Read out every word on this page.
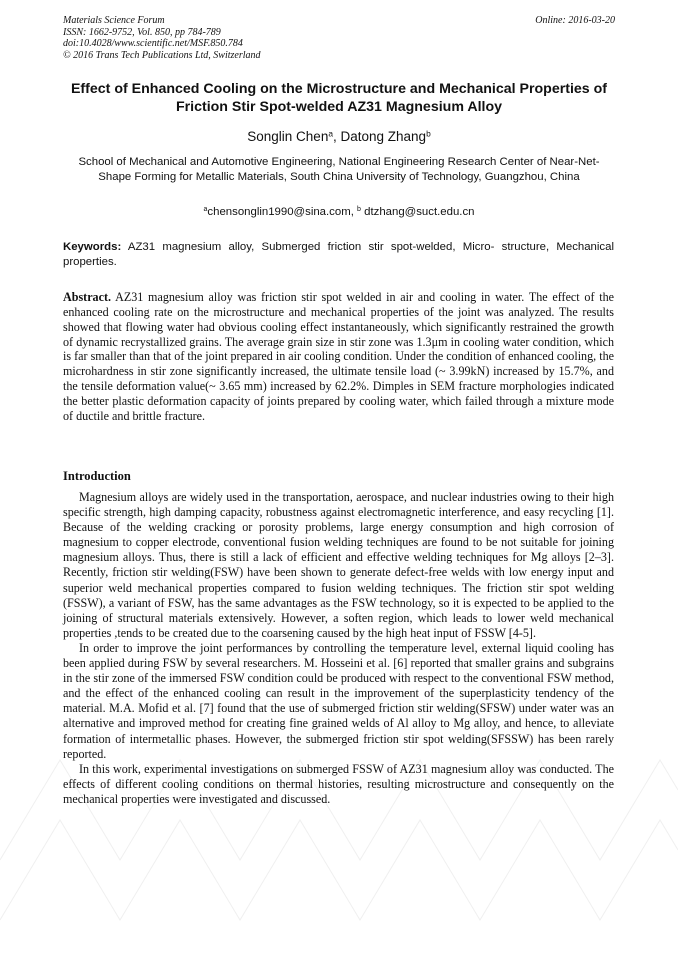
Materials Science Forum
ISSN: 1662-9752, Vol. 850, pp 784-789
doi:10.4028/www.scientific.net/MSF.850.784
© 2016 Trans Tech Publications Ltd, Switzerland
Online: 2016-03-20
Effect of Enhanced Cooling on the Microstructure and Mechanical Properties of Friction Stir Spot-welded AZ31 Magnesium Alloy
Songlin Chen$^a$, Datong Zhang$^b$
School of Mechanical and Automotive Engineering, National Engineering Research Center of Near-Net-Shape Forming for Metallic Materials, South China University of Technology, Guangzhou, China
$^a$chensonglin1990@sina.com, $^b$ dtzhang@suct.edu.cn
Keywords: AZ31 magnesium alloy, Submerged friction stir spot-welded, Micro- structure, Mechanical properties.
Abstract. AZ31 magnesium alloy was friction stir spot welded in air and cooling in water. The effect of the enhanced cooling rate on the microstructure and mechanical properties of the joint was analyzed. The results showed that flowing water had obvious cooling effect instantaneously, which significantly restrained the growth of dynamic recrystallized grains. The average grain size in stir zone was 1.3μm in cooling water condition, which is far smaller than that of the joint prepared in air cooling condition. Under the condition of enhanced cooling, the microhardness in stir zone significantly increased, the ultimate tensile load (~ 3.99kN) increased by 15.7%, and the tensile deformation value(~ 3.65 mm) increased by 62.2%. Dimples in SEM fracture morphologies indicated the better plastic deformation capacity of joints prepared by cooling water, which failed through a mixture mode of ductile and brittle fracture.
Introduction

Magnesium alloys are widely used in the transportation, aerospace, and nuclear industries owing to their high specific strength, high damping capacity, robustness against electromagnetic interference, and easy recycling [1]. Because of the welding cracking or porosity problems, large energy consumption and high corrosion of magnesium to copper electrode, conventional fusion welding techniques are found to be not suitable for joining magnesium alloys. Thus, there is still a lack of efficient and effective welding techniques for Mg alloys [2–3]. Recently, friction stir welding(FSW) have been shown to generate defect-free welds with low energy input and superior weld mechanical properties compared to fusion welding techniques. The friction stir spot welding (FSSW), a variant of FSW, has the same advantages as the FSW technology, so it is expected to be applied to the joining of structural materials extensively. However, a soften region, which leads to lower weld mechanical properties ,tends to be created due to the coarsening caused by the high heat input of FSSW [4-5].

In order to improve the joint performances by controlling the temperature level, external liquid cooling has been applied during FSW by several researchers. M. Hosseini et al. [6] reported that smaller grains and subgrains in the stir zone of the immersed FSW condition could be produced with respect to the conventional FSW method, and the effect of the enhanced cooling can result in the improvement of the superplasticity tendency of the material. M.A. Mofid et al. [7] found that the use of submerged friction stir welding(SFSW) under water was an alternative and improved method for creating fine grained welds of Al alloy to Mg alloy, and hence, to alleviate formation of intermetallic phases. However, the submerged friction stir spot welding(SFSSW) has been rarely reported.

In this work, experimental investigations on submerged FSSW of AZ31 magnesium alloy was conducted. The effects of different cooling conditions on thermal histories, resulting microstructure and consequently on the mechanical properties were investigated and discussed.
